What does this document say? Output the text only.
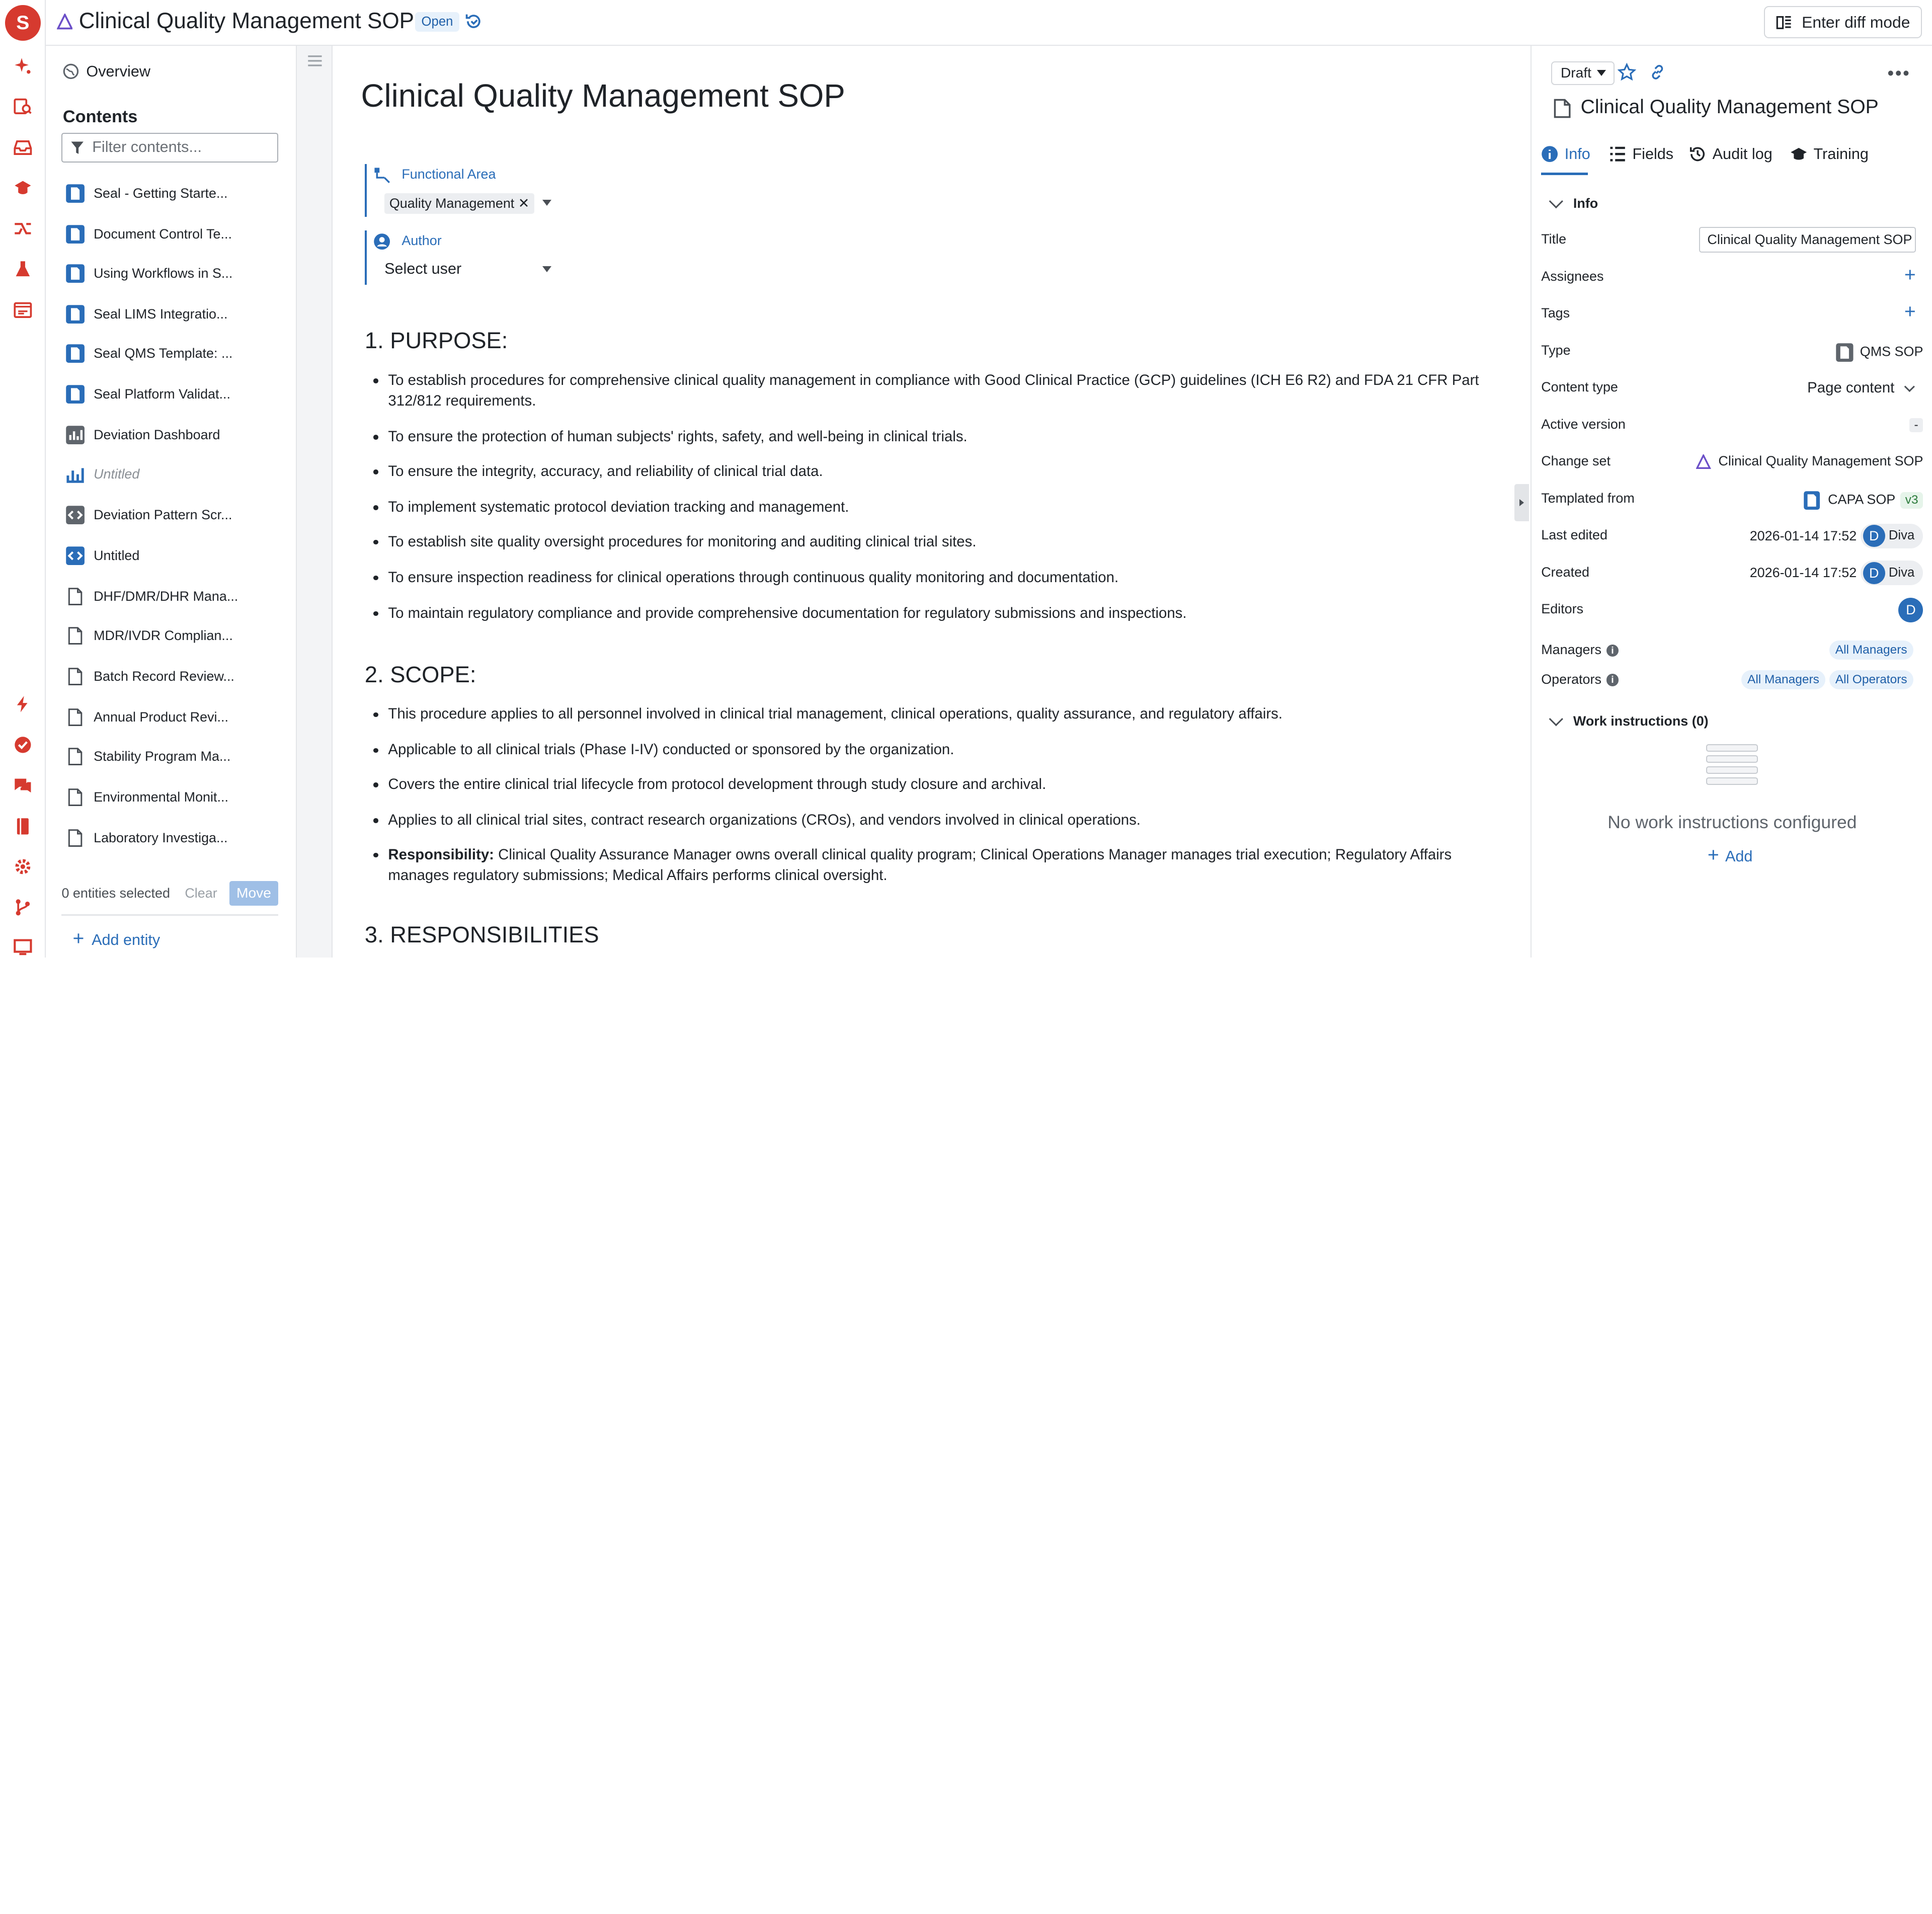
S	Clinical Quality Management SOP	Open	Enter diff mode
Overview
Contents
Filter contents...
Seal - Getting Starte...
Document Control Te...
Using Workflows in S...
Seal LIMS Integratio...
Seal QMS Template: ...
Seal Platform Validat...
Deviation Dashboard
Untitled
Deviation Pattern Scr...
Untitled
DHF/DMR/DHR Mana...
MDR/IVDR Complian...
Batch Record Review...
Annual Product Revi...
Stability Program Ma...
Environmental Monit...
Laboratory Investiga...
0 entities selected	Clear	Move
+ Add entity
Clinical Quality Management SOP
Functional Area
Quality Management ✕
Author
Select user
1. PURPOSE:
To establish procedures for comprehensive clinical quality management in compliance with Good Clinical Practice (GCP) guidelines (ICH E6 R2) and FDA 21 CFR Part 312/812 requirements.
To ensure the protection of human subjects' rights, safety, and well-being in clinical trials.
To ensure the integrity, accuracy, and reliability of clinical trial data.
To implement systematic protocol deviation tracking and management.
To establish site quality oversight procedures for monitoring and auditing clinical trial sites.
To ensure inspection readiness for clinical operations through continuous quality monitoring and documentation.
To maintain regulatory compliance and provide comprehensive documentation for regulatory submissions and inspections.
2. SCOPE:
This procedure applies to all personnel involved in clinical trial management, clinical operations, quality assurance, and regulatory affairs.
Applicable to all clinical trials (Phase I-IV) conducted or sponsored by the organization.
Covers the entire clinical trial lifecycle from protocol development through study closure and archival.
Applies to all clinical trial sites, contract research organizations (CROs), and vendors involved in clinical operations.
Responsibility: Clinical Quality Assurance Manager owns overall clinical quality program; Clinical Operations Manager manages trial execution; Regulatory Affairs manages regulatory submissions; Medical Affairs performs clinical oversight.
3. RESPONSIBILITIES
Draft	•••
Clinical Quality Management SOP
Info	Fields	Audit log	Training
Info
Title	Clinical Quality Management SOP
Assignees	+
Tags	+
Type	QMS SOP
Content type	Page content
Active version	-
Change set	Clinical Quality Management SOP
Templated from	CAPA SOP v3
Last edited	2026-01-14 17:52 D Diva
Created	2026-01-14 17:52 D Diva
Editors	D
Managers i	All Managers
Operators i	All Managers	All Operators
Work instructions (0)
No work instructions configured
+ Add
